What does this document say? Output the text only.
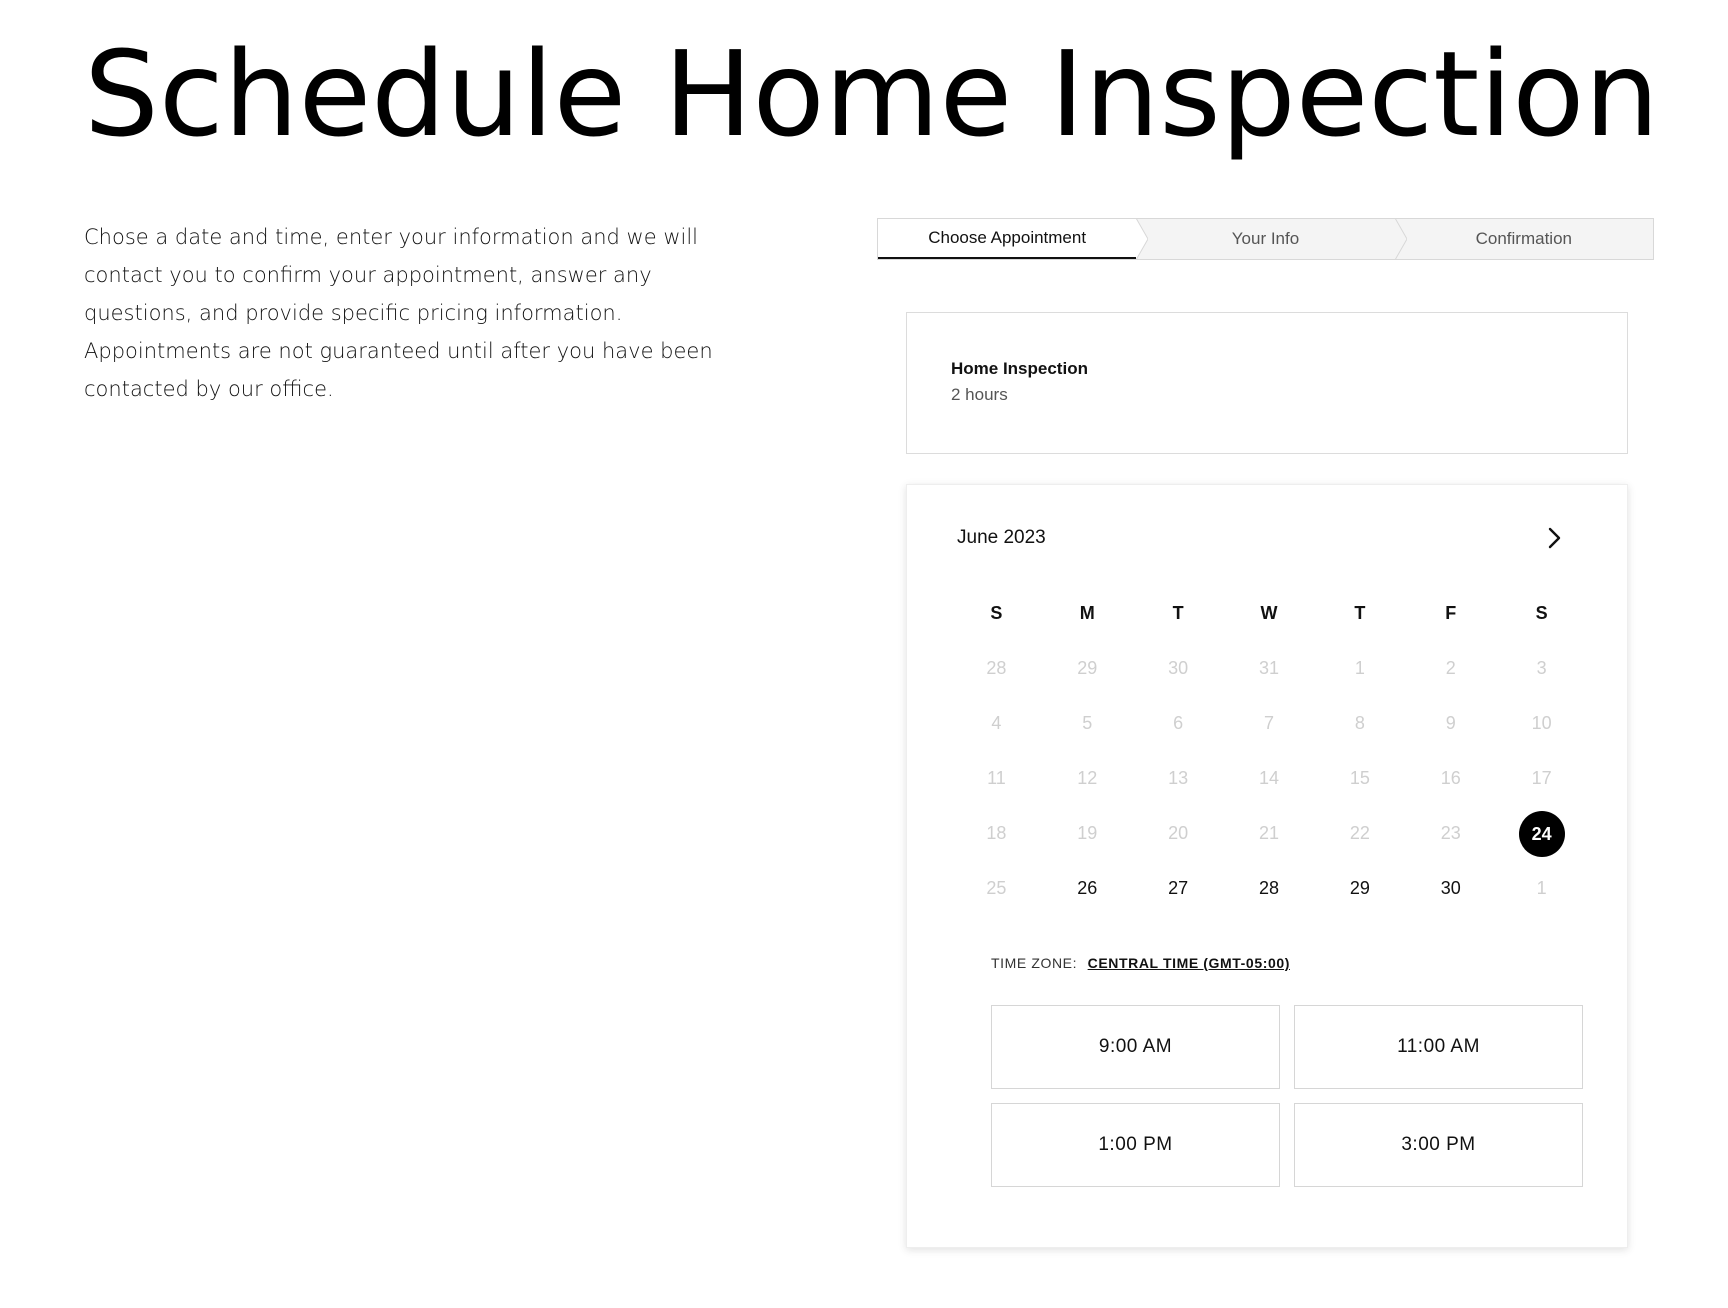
Schedule Home Inspection

Chose a date and time, enter your information and we will contact you to confirm your appointment, answer any questions, and provide specific pricing information. Appointments are not guaranteed until after you have been contacted by our office.

Choose Appointment	Your Info	Confirmation
Home Inspection
2 hours
June 2023
S	M	T	W	T	F	S
28	29	30	31	1	2	3
4	5	6	7	8	9	10
11	12	13	14	15	16	17
18	19	20	21	22	23	24
25	26	27	28	29	30	1
TIME ZONE: CENTRAL TIME (GMT-05:00)
9:00 AM	11:00 AM
1:00 PM	3:00 PM
